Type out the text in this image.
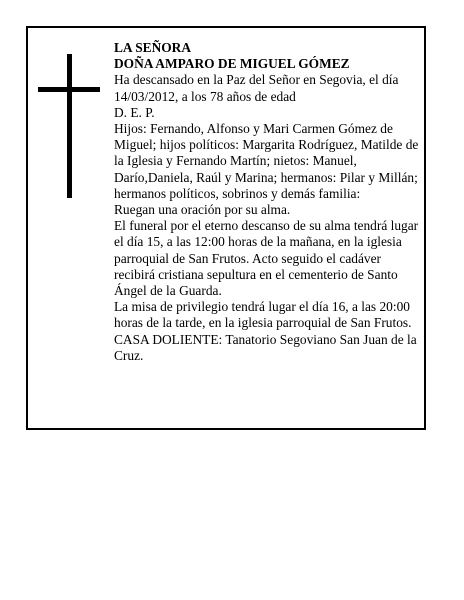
LA SEÑORA

DOÑA AMPARO DE MIGUEL GÓMEZ

Ha descansado en la Paz del Señor en Segovia, el día 14/03/2012, a los 78 años de edad

D. E. P.

Hijos: Fernando, Alfonso y Mari Carmen Gómez de Miguel; hijos políticos: Margarita Rodríguez, Matilde de la Iglesia y Fernando Martín; nietos: Manuel, Darío,Daniela, Raúl y Marina; hermanos: Pilar y Millán; hermanos políticos, sobrinos y demás familia:

Ruegan una oración por su alma.

El funeral por el eterno descanso de su alma tendrá lugar el día 15, a las 12:00 horas de la mañana, en la iglesia parroquial de San Frutos. Acto seguido el cadáver recibirá cristiana sepultura en el cementerio de Santo Ángel de la Guarda.

La misa de privilegio tendrá lugar el día 16, a las 20:00 horas de la tarde, en la iglesia parroquial de San Frutos.

CASA DOLIENTE: Tanatorio Segoviano San Juan de la Cruz.
